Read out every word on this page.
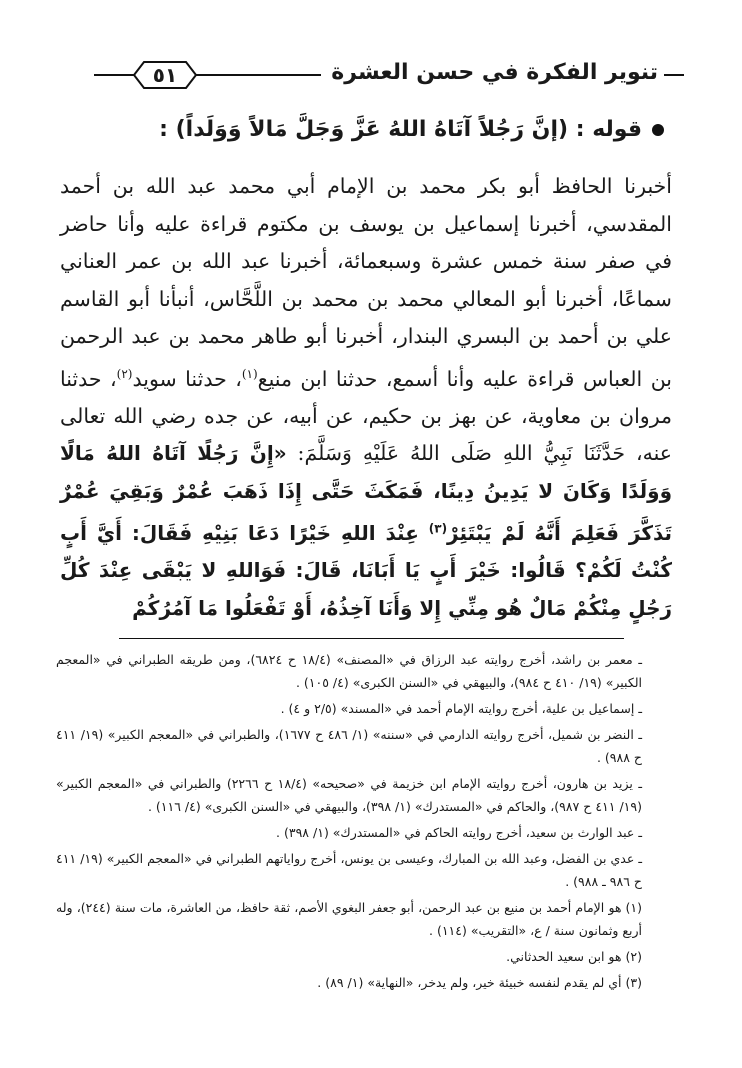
تنوير الفكرة في حسن العشرة
٥١
قوله : (إنَّ رَجُلاً آتَاهُ اللهُ عَزَّ وَجَلَّ مَالاً وَوَلَداً) :
أخبرنا الحافظ أبو بكر محمد بن الإمام أبي محمد عبد الله بن أحمد المقدسي، أخبرنا إسماعيل بن يوسف بن مكتوم قراءة عليه وأنا حاضر في صفر سنة خمس عشرة وسبعمائة، أخبرنا عبد الله بن عمر العناني سماعًا، أخبرنا أبو المعالي محمد بن محمد بن اللَّحَّاس، أنبأنا أبو القاسم علي بن أحمد بن البسري البندار، أخبرنا أبو طاهر محمد بن عبد الرحمن بن العباس قراءة عليه وأنا أسمع، حدثنا ابن منيع$^{(١)}$، حدثنا سويد$^{(٢)}$، حدثنا مروان بن معاوية، عن بهز بن حكيم، عن أبيه، عن جده رضي الله تعالى عنه، حَدَّثَنَا نَبِيُّ اللهِ صَلَى اللهُ عَلَيْهِ وَسَلَّمَ: «إِنَّ رَجُلًا آتَاهُ اللهُ مَالًا وَوَلَدًا وَكَانَ لا يَدِينُ دِينًا، فَمَكَثَ حَتَّى إِذَا ذَهَبَ عُمْرٌ وَبَقِيَ عُمْرٌ تَذَكَّرَ فَعَلِمَ أَنَّهُ لَمْ يَبْتَئِرْ$^{(٣)}$ عِنْدَ اللهِ خَيْرًا دَعَا بَنِيْهِ فَقَالَ: أَيَّ أَبٍ كُنْتُ لَكُمْ؟ قَالُوا: خَيْرَ أَبٍ يَا أَبَانَا، قَالَ: فَوَاللهِ لا يَبْقَى عِنْدَ كُلِّ رَجُلٍ مِنْكُمْ مَالٌ هُو مِنِّي إِلا وَأَنَا آخِذُهُ، أَوْ تَفْعَلُوا مَا آمُرُكُمْ
ـ معمر بن راشد، أخرج روايته عبد الرزاق في «المصنف» (١٨/٤ ح ٦٨٢٤)، ومن طريقه الطبراني في «المعجم الكبير» (١٩/ ٤١٠ ح ٩٨٤)، والبيهقي في «السنن الكبرى» (٤/ ١٠٥) .
ـ إسماعيل بن علية، أخرج روايته الإمام أحمد في «المسند» (٢/٥ و ٤) .
ـ النضر بن شميل، أخرج روايته الدارمي في «سننه» (١/ ٤٨٦ ح ١٦٧٧)، والطبراني في «المعجم الكبير» (١٩/ ٤١١ ح ٩٨٨) .
ـ يزيد بن هارون، أخرج روايته الإمام ابن خزيمة في «صحيحه» (١٨/٤ ح ٢٢٦٦) والطبراني في «المعجم الكبير» (١٩/ ٤١١ ح ٩٨٧)، والحاكم في «المستدرك» (١/ ٣٩٨)، والبيهقي في «السنن الكبرى» (٤/ ١١٦) .
ـ عبد الوارث بن سعيد، أخرج روايته الحاكم في «المستدرك» (١/ ٣٩٨) .
ـ عدي بن الفضل، وعبد الله بن المبارك، وعيسى بن يونس، أخرج رواياتهم الطبراني في «المعجم الكبير» (١٩/ ٤١١ ح ٩٨٦ ـ ٩٨٨) .
(١)هو الإمام أحمد بن منيع بن عبد الرحمن، أبو جعفر البغوي الأصم، ثقة حافظ، من العاشرة، مات سنة (٢٤٤)، وله أربع وثمانون سنة / ع، «التقريب» (١١٤) .
(٢)هو ابن سعيد الحدثاني.
(٣)أي لم يقدم لنفسه خبيئة خير، ولم يدخر، «النهاية» (١/ ٨٩) .
